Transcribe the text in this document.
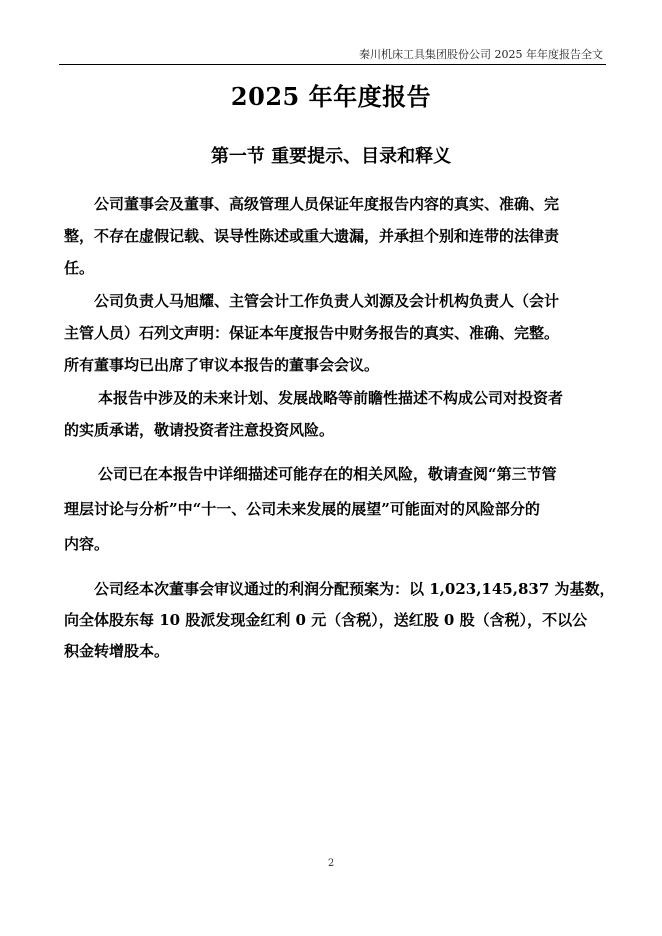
秦川机床工具集团股份公司 2025 年年度报告全文
2025 年年度报告
第一节 重要提示、目录和释义

公司董事会及董事、高级管理人员保证年度报告内容的真实、准确、完
整，不存在虚假记载、误导性陈述或重大遗漏，并承担个别和连带的法律责
任。

公司负责人马旭耀、主管会计工作负责人刘源及会计机构负责人（会计
主管人员）石列文声明：保证本年度报告中财务报告的真实、准确、完整。
所有董事均已出席了审议本报告的董事会会议。

本报告中涉及的未来计划、发展战略等前瞻性描述不构成公司对投资者
的实质承诺，敬请投资者注意投资风险。

公司已在本报告中详细描述可能存在的相关风险，敬请查阅“第三节管
理层讨论与分析”中“十一、公司未来发展的展望”可能面对的风险部分的
内容。

公司经本次董事会审议通过的利润分配预案为：以 1,023,145,837 为基数，
向全体股东每 10 股派发现金红利 0 元（含税），送红股 0 股（含税），不以公
积金转增股本。

2
